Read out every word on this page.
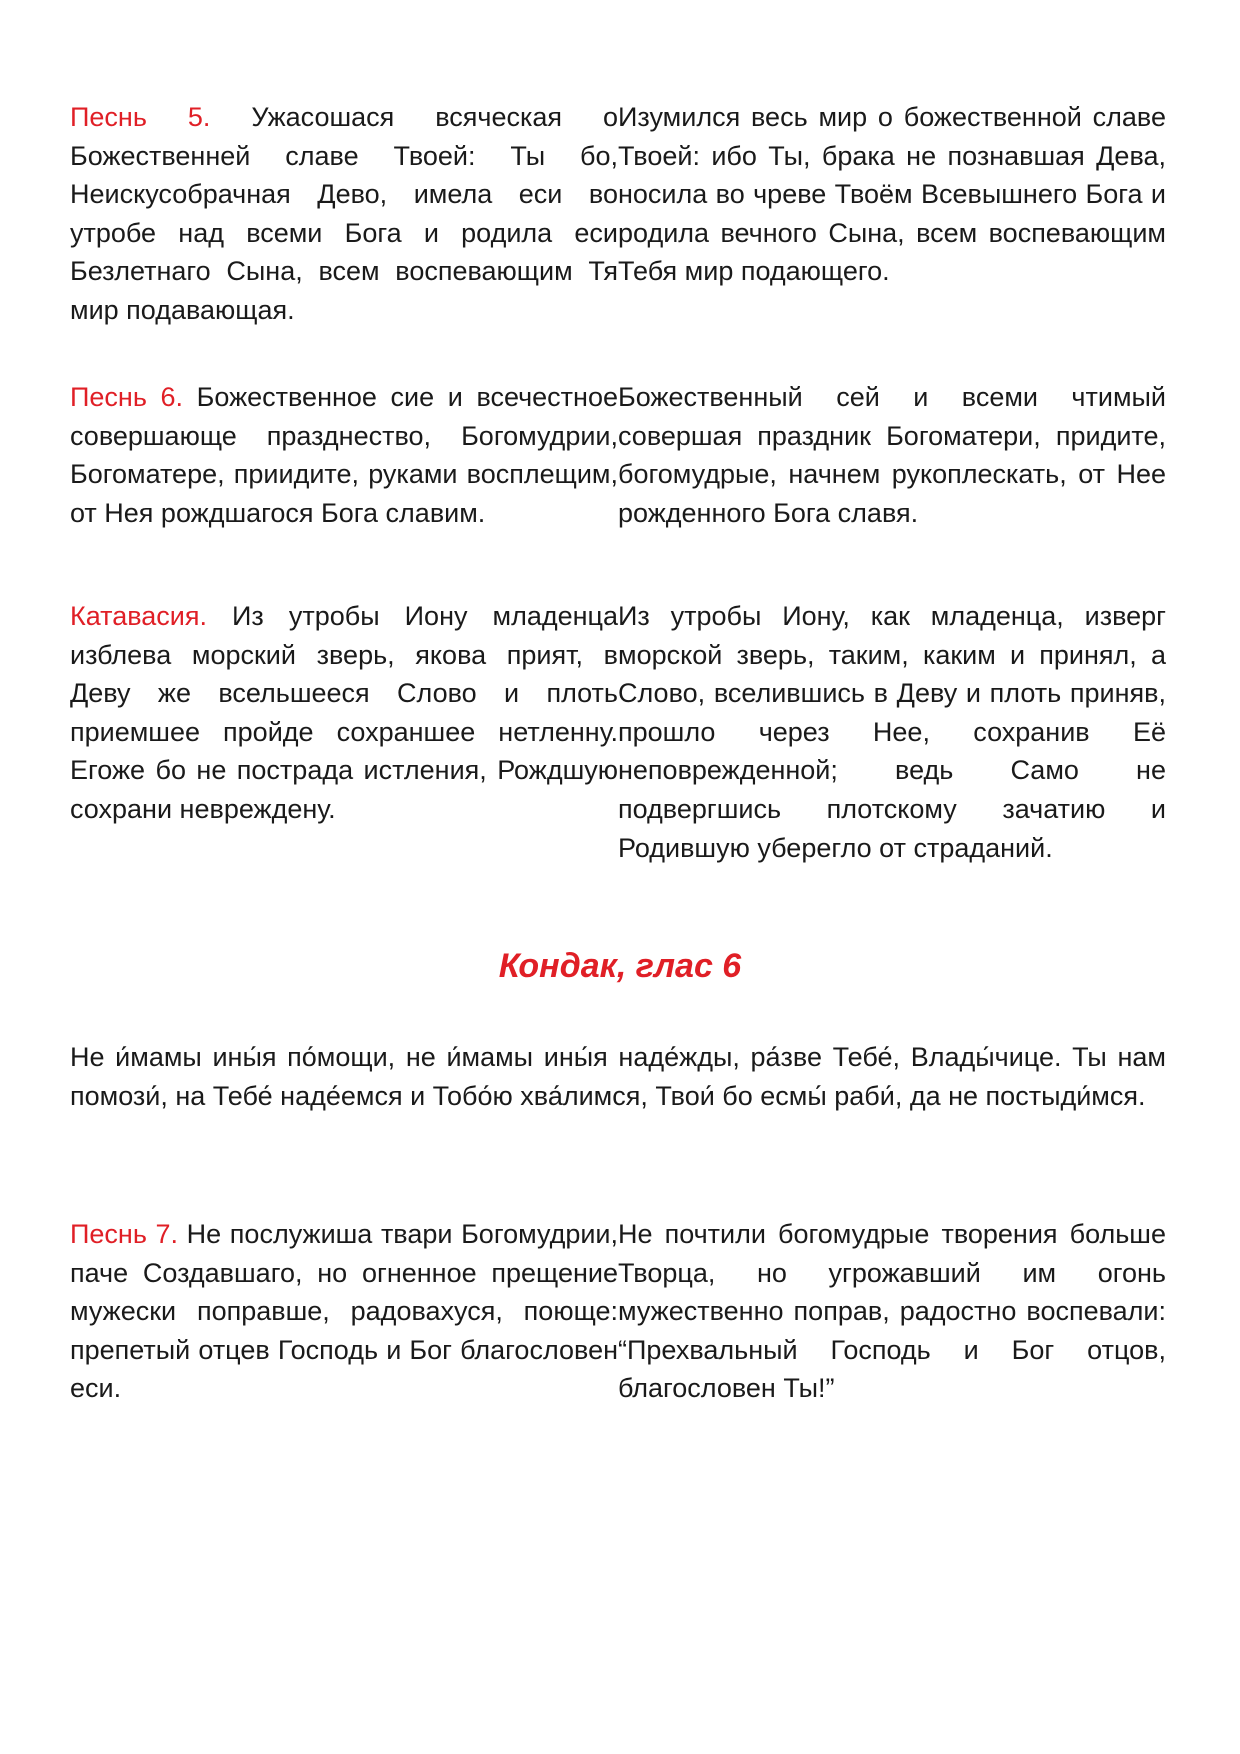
Песнь 5. Ужасошася всяческая о Божественней славе Твоей: Ты бо, Неискусобрачная Дево, имела еси во утробе над всеми Бога и родила еси Безлетнаго Сына, всем воспевающим Тя мир подавающая.
Изумился весь мир о божественной славе Твоей: ибо Ты, брака не познавшая Дева, носила во чреве Твоём Всевышнего Бога и родила вечного Сына, всем воспевающим Тебя мир подающего.
Песнь 6. Божественное сие и всечестное совершающе празднество, Богомудрии, Богоматере, приидите, руками восплещим, от Нея рождшагося Бога славим.
Божественный сей и всеми чтимый совершая праздник Богоматери, придите, богомудрые, начнем рукоплескать, от Нее рожденного Бога славя.
Катавасия. Из утробы Иону младенца изблева морский зверь, якова прият, в Деву же всельшееся Слово и плоть приемшее пройде сохраншее нетленну. Егоже бо не пострада истления, Рождшую сохрани невреждену.
Из утробы Иону, как младенца, изверг морской зверь, таким, каким и принял, а Слово, вселившись в Деву и плоть приняв, прошло через Нее, сохранив Её неповрежденной; ведь Само не подвергшись плотскому зачатию и Родившую уберегло от страданий.
Кондак, глас 6
Не и́мамы ины́я по́мощи, не и́мамы ины́я наде́жды, ра́зве Тебе́, Влады́чице. Ты нам помози́, на Тебе́ наде́емся и Тобо́ю хва́лимся, Твои́ бо есмы́ раби́, да не постыди́мся.
Песнь 7. Не послужиша твари Богомудрии, паче Создавшаго, но огненное прещение мужески поправше, радовахуся, поюще: препетый отцев Господь и Бог благословен еси.
Не почтили богомудрые творения больше Творца, но угрожавший им огонь мужественно поправ, радостно воспевали: “Прехвальный Господь и Бог отцов, благословен Ты!”
